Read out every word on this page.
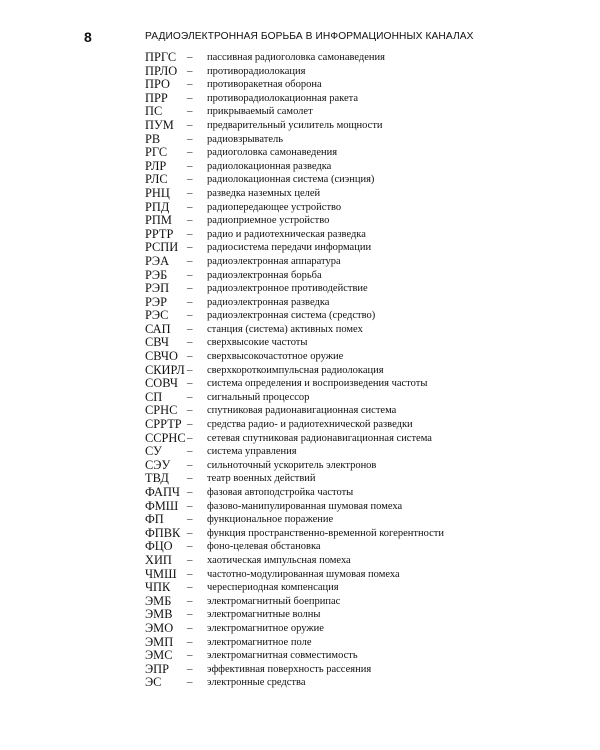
8	РАДИОЭЛЕКТРОННАЯ БОРЬБА В ИНФОРМАЦИОННЫХ КАНАЛАХ
ПРГС – пассивная радиоголовка самонаведения
ПРЛО – противорадиолокация
ПРО – противоракетная оборона
ПРР – противорадиолокационная ракета
ПС – прикрываемый самолет
ПУМ – предварительный усилитель мощности
РВ – радиовзрыватель
РГС – радиоголовка самонаведения
РЛР – радиолокационная разведка
РЛС – радиолокационная система (сиэнция)
РНЦ – разведка наземных целей
РПД – радиопередающее устройство
РПМ – радиоприемное устройство
РРТР – радио и радиотехническая разведка
РСПИ – радиосистема передачи информации
РЭА – радиоэлектронная аппаратура
РЭБ – радиоэлектронная борьба
РЭП – радиоэлектронное противодействие
РЭР – радиоэлектронная разведка
РЭС – радиоэлектронная система (средство)
САП – станция (система) активных помех
СВЧ – сверхвысокие частоты
СВЧО – сверхвысокочастотное оружие
СКИРЛ – сверхкороткоимпульсная радиолокация
СОВЧ – система определения и воспроизведения частоты
СП – сигнальный процессор
СРНС – спутниковая радионавигационная система
СРРТР – средства радио- и радиотехнической разведки
ССРНС – сетевая спутниковая радионавигационная система
СУ – система управления
СЭУ – сильноточный ускоритель электронов
ТВД – театр военных действий
ФАПЧ – фазовая автоподстройка частоты
ФМШ – фазово-манипулированная шумовая помеха
ФП – функциональное поражение
ФПВК – функция пространственно-временной когерентности
ФЦО – фоно-целевая обстановка
ХИП – хаотическая импульсная помеха
ЧМШ – частотно-модулированная шумовая помеха
ЧПК – череспериодная компенсация
ЭМБ – электромагнитный боеприпас
ЭМВ – электромагнитные волны
ЭМО – электромагнитное оружие
ЭМП – электромагнитное поле
ЭМС – электромагнитная совместимость
ЭПР – эффективная поверхность рассеяния
ЭС – электронные средства
